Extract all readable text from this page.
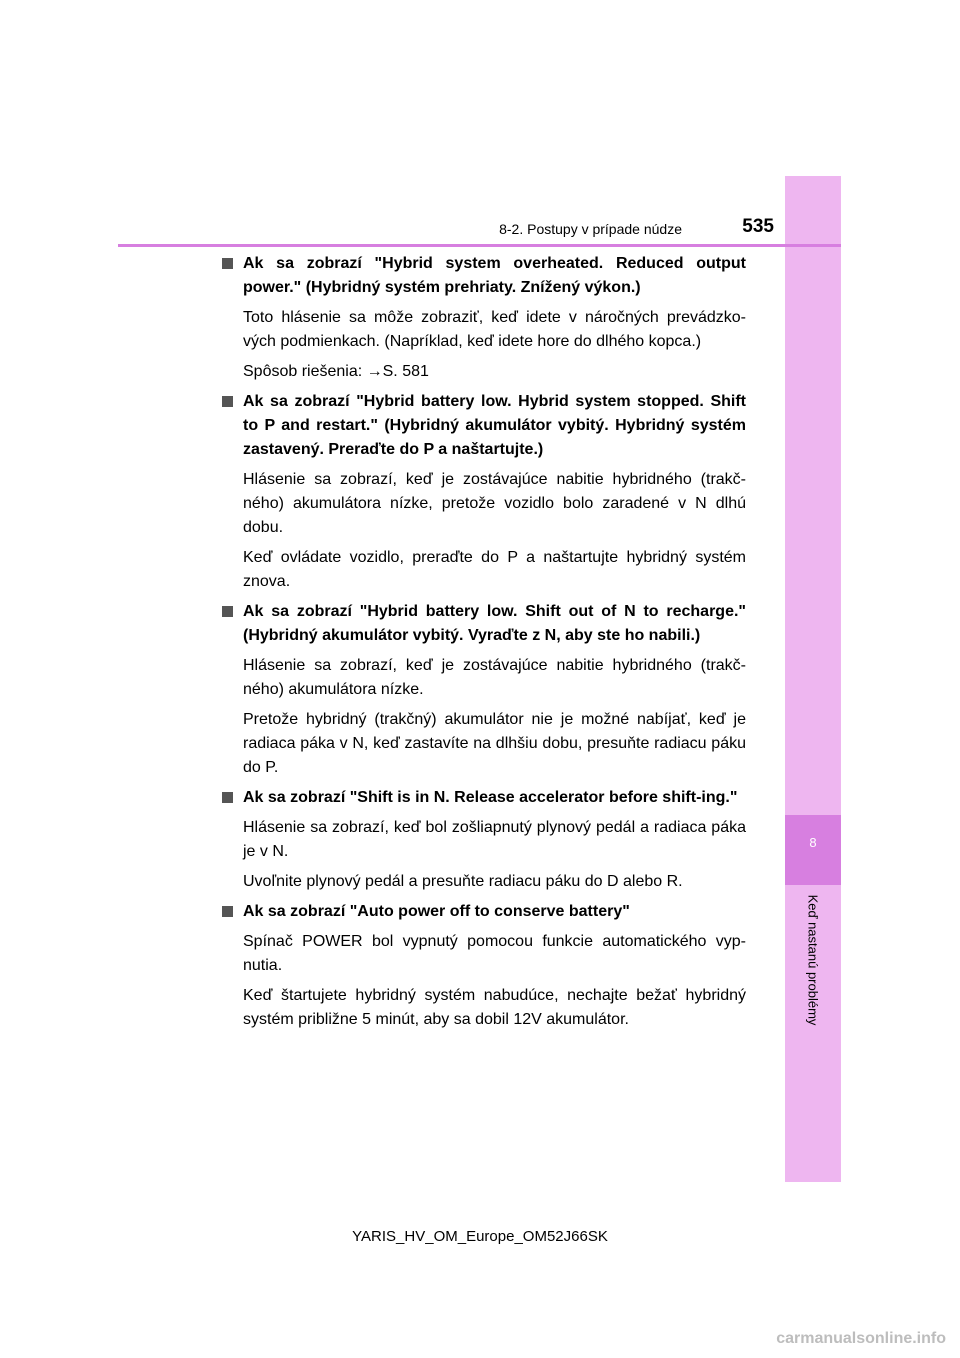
8
Keď nastanú problémy
8-2. Postupy v prípade núdze	535
Ak sa zobrazí "Hybrid system overheated. Reduced output power." (Hybridný systém prehriaty. Znížený výkon.)

Toto hlásenie sa môže zobraziť, keď idete v náročných prevádzko-vých podmienkach. (Napríklad, keď idete hore do dlhého kopca.)

Spôsob riešenia: →S. 581

Ak sa zobrazí "Hybrid battery low. Hybrid system stopped. Shift to P and restart." (Hybridný akumulátor vybitý. Hybridný systém zastavený. Preraďte do P a naštartujte.)

Hlásenie sa zobrazí, keď je zostávajúce nabitie hybridného (trakč-ného) akumulátora nízke, pretože vozidlo bolo zaradené v N dlhú dobu.

Keď ovládate vozidlo, preraďte do P a naštartujte hybridný systém znova.

Ak sa zobrazí "Hybrid battery low. Shift out of N to recharge." (Hybridný akumulátor vybitý. Vyraďte z N, aby ste ho nabili.)

Hlásenie sa zobrazí, keď je zostávajúce nabitie hybridného (trakč-ného) akumulátora nízke.

Pretože hybridný (trakčný) akumulátor nie je možné nabíjať, keď je radiaca páka v N, keď zastavíte na dlhšiu dobu, presuňte radiacu páku do P.

Ak sa zobrazí "Shift is in N. Release accelerator before shift-ing."

Hlásenie sa zobrazí, keď bol zošliapnutý plynový pedál a radiaca páka je v N.

Uvoľnite plynový pedál a presuňte radiacu páku do D alebo R.

Ak sa zobrazí "Auto power off to conserve battery"

Spínač POWER bol vypnutý pomocou funkcie automatického vyp-nutia.

Keď štartujete hybridný systém nabudúce, nechajte bežať hybridný systém približne 5 minút, aby sa dobil 12V akumulátor.

YARIS_HV_OM_Europe_OM52J66SK
carmanualsonline.info
